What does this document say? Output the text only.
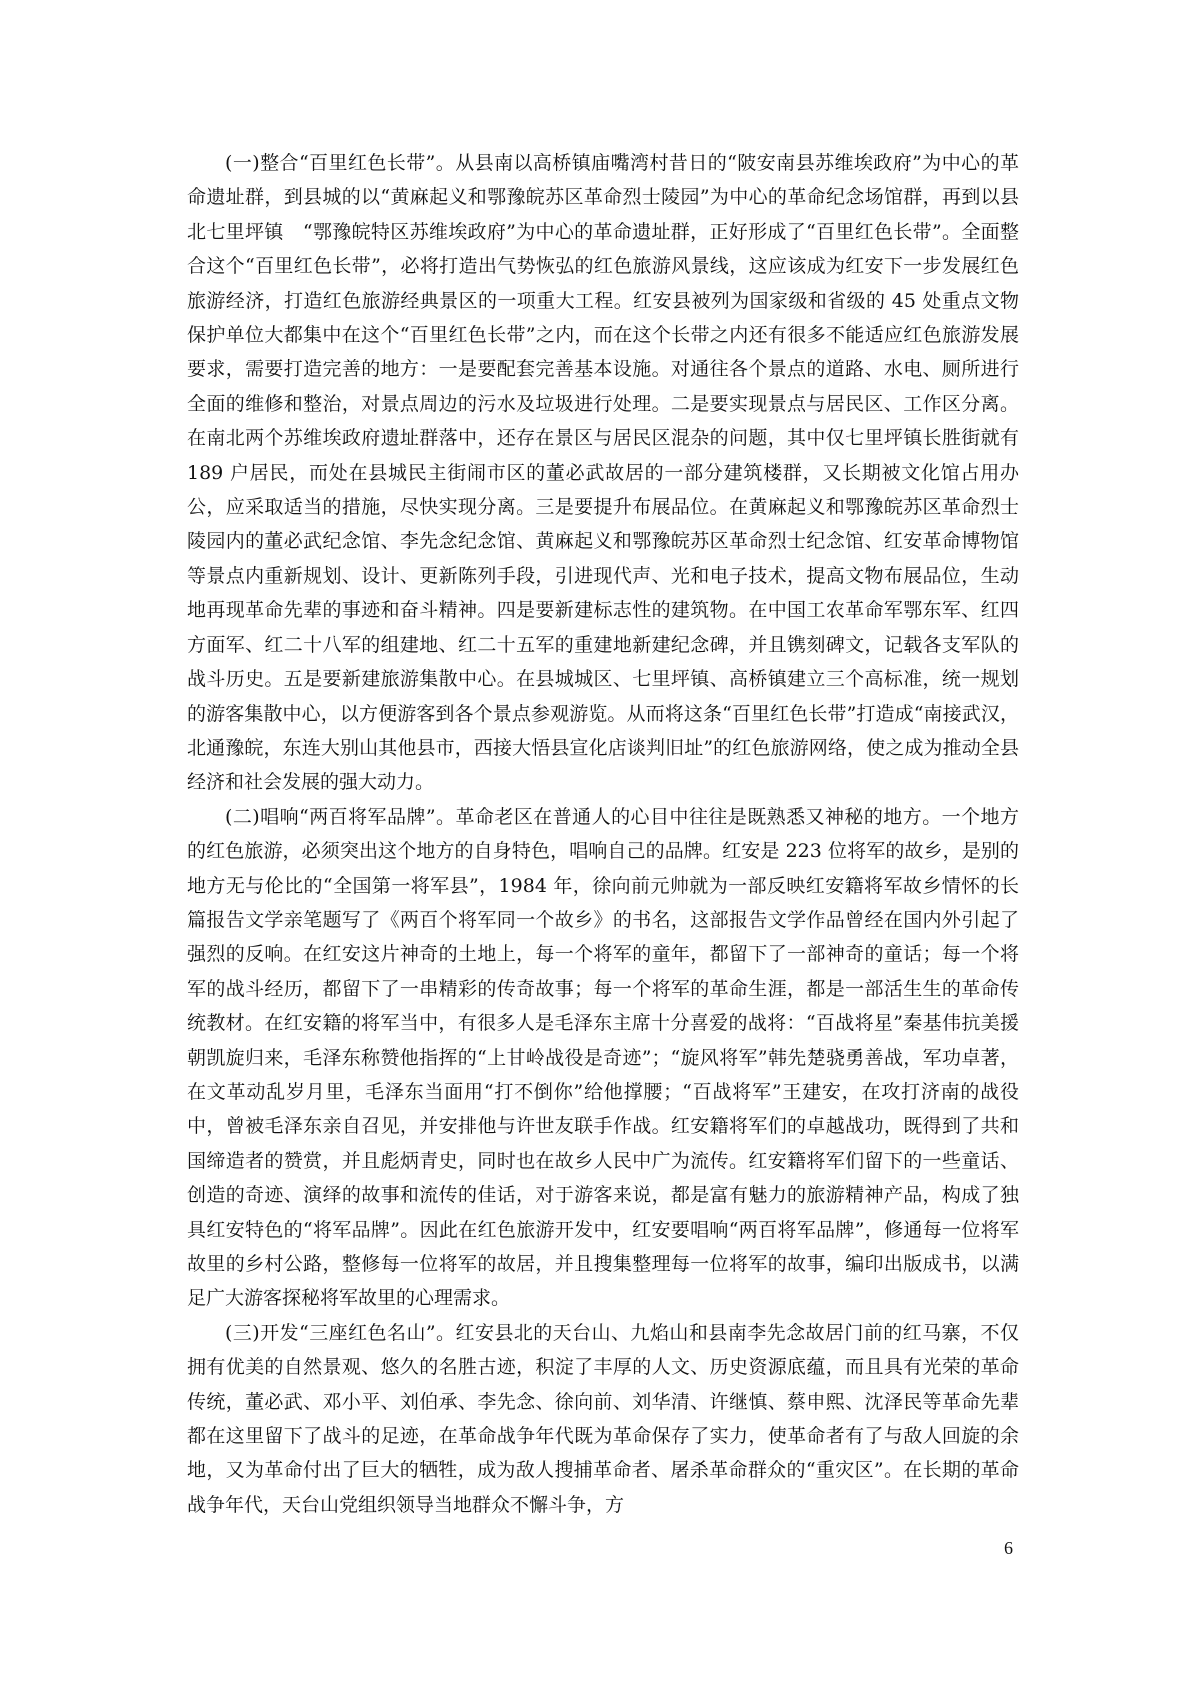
(一)整合“百里红色长带”。从县南以高桥镇庙嘴湾村昔日的“陂安南县苏维埃政府”为中心的革命遗址群，到县城的以“黄麻起义和鄂豫皖苏区革命烈士陵园”为中心的革命纪念场馆群，再到以县北七里坪镇　“鄂豫皖特区苏维埃政府”为中心的革命遗址群，正好形成了“百里红色长带”。全面整合这个“百里红色长带”，必将打造出气势恢弘的红色旅游风景线，这应该成为红安下一步发展红色旅游经济，打造红色旅游经典景区的一项重大工程。红安县被列为国家级和省级的 45 处重点文物保护单位大都集中在这个“百里红色长带”之内，而在这个长带之内还有很多不能适应红色旅游发展要求，需要打造完善的地方：一是要配套完善基本设施。对通往各个景点的道路、水电、厕所进行全面的维修和整治，对景点周边的污水及垃圾进行处理。二是要实现景点与居民区、工作区分离。在南北两个苏维埃政府遗址群落中，还存在景区与居民区混杂的问题，其中仅七里坪镇长胜街就有 189 户居民，而处在县城民主街闹市区的董必武故居的一部分建筑楼群，又长期被文化馆占用办公，应采取适当的措施，尽快实现分离。三是要提升布展品位。在黄麻起义和鄂豫皖苏区革命烈士陵园内的董必武纪念馆、李先念纪念馆、黄麻起义和鄂豫皖苏区革命烈士纪念馆、红安革命博物馆等景点内重新规划、设计、更新陈列手段，引进现代声、光和电子技术，提高文物布展品位，生动地再现革命先辈的事迹和奋斗精神。四是要新建标志性的建筑物。在中国工农革命军鄂东军、红四方面军、红二十八军的组建地、红二十五军的重建地新建纪念碑，并且镌刻碑文，记载各支军队的战斗历史。五是要新建旅游集散中心。在县城城区、七里坪镇、高桥镇建立三个高标准，统一规划的游客集散中心，以方便游客到各个景点参观游览。从而将这条“百里红色长带”打造成“南接武汉，北通豫皖，东连大别山其他县市，西接大悟县宣化店谈判旧址”的红色旅游网络，使之成为推动全县经济和社会发展的强大动力。

(二)唱响“两百将军品牌”。革命老区在普通人的心目中往往是既熟悉又神秘的地方。一个地方的红色旅游，必须突出这个地方的自身特色，唱响自己的品牌。红安是 223 位将军的故乡，是别的地方无与伦比的“全国第一将军县”，1984 年，徐向前元帅就为一部反映红安籍将军故乡情怀的长篇报告文学亲笔题写了《两百个将军同一个故乡》的书名，这部报告文学作品曾经在国内外引起了强烈的反响。在红安这片神奇的土地上，每一个将军的童年，都留下了一部神奇的童话；每一个将军的战斗经历，都留下了一串精彩的传奇故事；每一个将军的革命生涯，都是一部活生生的革命传统教材。在红安籍的将军当中，有很多人是毛泽东主席十分喜爱的战将：“百战将星”秦基伟抗美援朝凯旋归来，毛泽东称赞他指挥的“上甘岭战役是奇迹”；“旋风将军”韩先楚骁勇善战，军功卓著，在文革动乱岁月里，毛泽东当面用“打不倒你”给他撑腰；“百战将军”王建安，在攻打济南的战役中，曾被毛泽东亲自召见，并安排他与许世友联手作战。红安籍将军们的卓越战功，既得到了共和国缔造者的赞赏，并且彪炳青史，同时也在故乡人民中广为流传。红安籍将军们留下的一些童话、创造的奇迹、演绎的故事和流传的佳话，对于游客来说，都是富有魅力的旅游精神产品，构成了独具红安特色的“将军品牌”。因此在红色旅游开发中，红安要唱响“两百将军品牌”，修通每一位将军故里的乡村公路，整修每一位将军的故居，并且搜集整理每一位将军的故事，编印出版成书，以满足广大游客探秘将军故里的心理需求。

(三)开发“三座红色名山”。红安县北的天台山、九焰山和县南李先念故居门前的红马寨，不仅拥有优美的自然景观、悠久的名胜古迹，积淀了丰厚的人文、历史资源底蕴，而且具有光荣的革命传统，董必武、邓小平、刘伯承、李先念、徐向前、刘华清、许继慎、蔡申熙、沈泽民等革命先辈都在这里留下了战斗的足迹，在革命战争年代既为革命保存了实力，使革命者有了与敌人回旋的余地，又为革命付出了巨大的牺牲，成为敌人搜捕革命者、屠杀革命群众的“重灾区”。在长期的革命战争年代，天台山党组织领导当地群众不懈斗争，方

6
